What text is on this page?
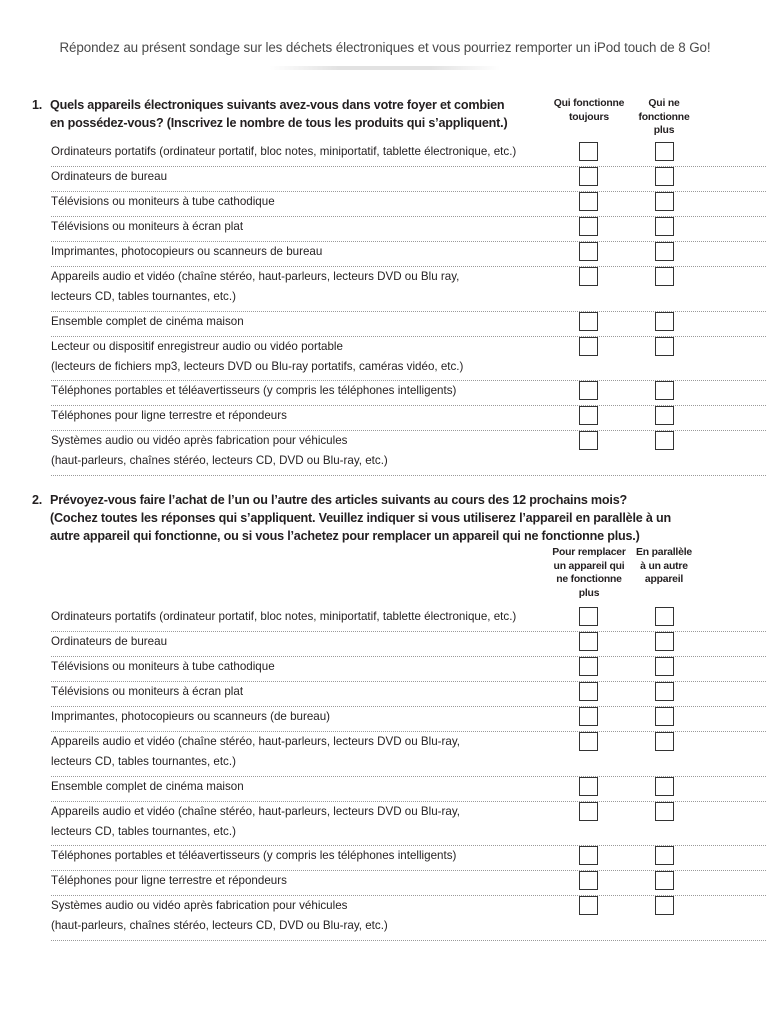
Répondez au présent sondage sur les déchets électroniques et vous pourriez remporter un iPod touch de 8 Go!
1. Quels appareils électroniques suivants avez-vous dans votre foyer et combien
en possédez-vous? (Inscrivez le nombre de tous les produits qui s’appliquent.)
Qui fonctionne
toujours
Qui ne
fonctionne
plus
Ordinateurs portatifs (ordinateur portatif, bloc notes, miniportatif, tablette électronique, etc.)
Ordinateurs de bureau
Télévisions ou moniteurs à tube cathodique
Télévisions ou moniteurs à écran plat
Imprimantes, photocopieurs ou scanneurs de bureau
Appareils audio et vidéo (chaîne stéréo, haut-parleurs, lecteurs DVD ou Blu ray,
lecteurs CD, tables tournantes, etc.)
Ensemble complet de cinéma maison
Lecteur ou dispositif enregistreur audio ou vidéo portable
(lecteurs de fichiers mp3, lecteurs DVD ou Blu-ray portatifs, caméras vidéo, etc.)
Téléphones portables et téléavertisseurs (y compris les téléphones intelligents)
Téléphones pour ligne terrestre et répondeurs
Systèmes audio ou vidéo après fabrication pour véhicules
(haut-parleurs, chaînes stéréo, lecteurs CD, DVD ou Blu-ray, etc.)
2. Prévoyez-vous faire l’achat de l’un ou l’autre des articles suivants au cours des 12 prochains mois?
(Cochez toutes les réponses qui s’appliquent. Veuillez indiquer si vous utiliserez l’appareil en parallèle à un
autre appareil qui fonctionne, ou si vous l’achetez pour remplacer un appareil qui ne fonctionne plus.)
Pour remplacer
un appareil qui
ne fonctionne
plus
En parallèle
à un autre
appareil
Ordinateurs portatifs (ordinateur portatif, bloc notes, miniportatif, tablette électronique, etc.)
Ordinateurs de bureau
Télévisions ou moniteurs à tube cathodique
Télévisions ou moniteurs à écran plat
Imprimantes, photocopieurs ou scanneurs (de bureau)
Appareils audio et vidéo (chaîne stéréo, haut-parleurs, lecteurs DVD ou Blu-ray,
lecteurs CD, tables tournantes, etc.)
Ensemble complet de cinéma maison
Appareils audio et vidéo (chaîne stéréo, haut-parleurs, lecteurs DVD ou Blu-ray,
lecteurs CD, tables tournantes, etc.)
Téléphones portables et téléavertisseurs (y compris les téléphones intelligents)
Téléphones pour ligne terrestre et répondeurs
Systèmes audio ou vidéo après fabrication pour véhicules
(haut-parleurs, chaînes stéréo, lecteurs CD, DVD ou Blu-ray, etc.)
